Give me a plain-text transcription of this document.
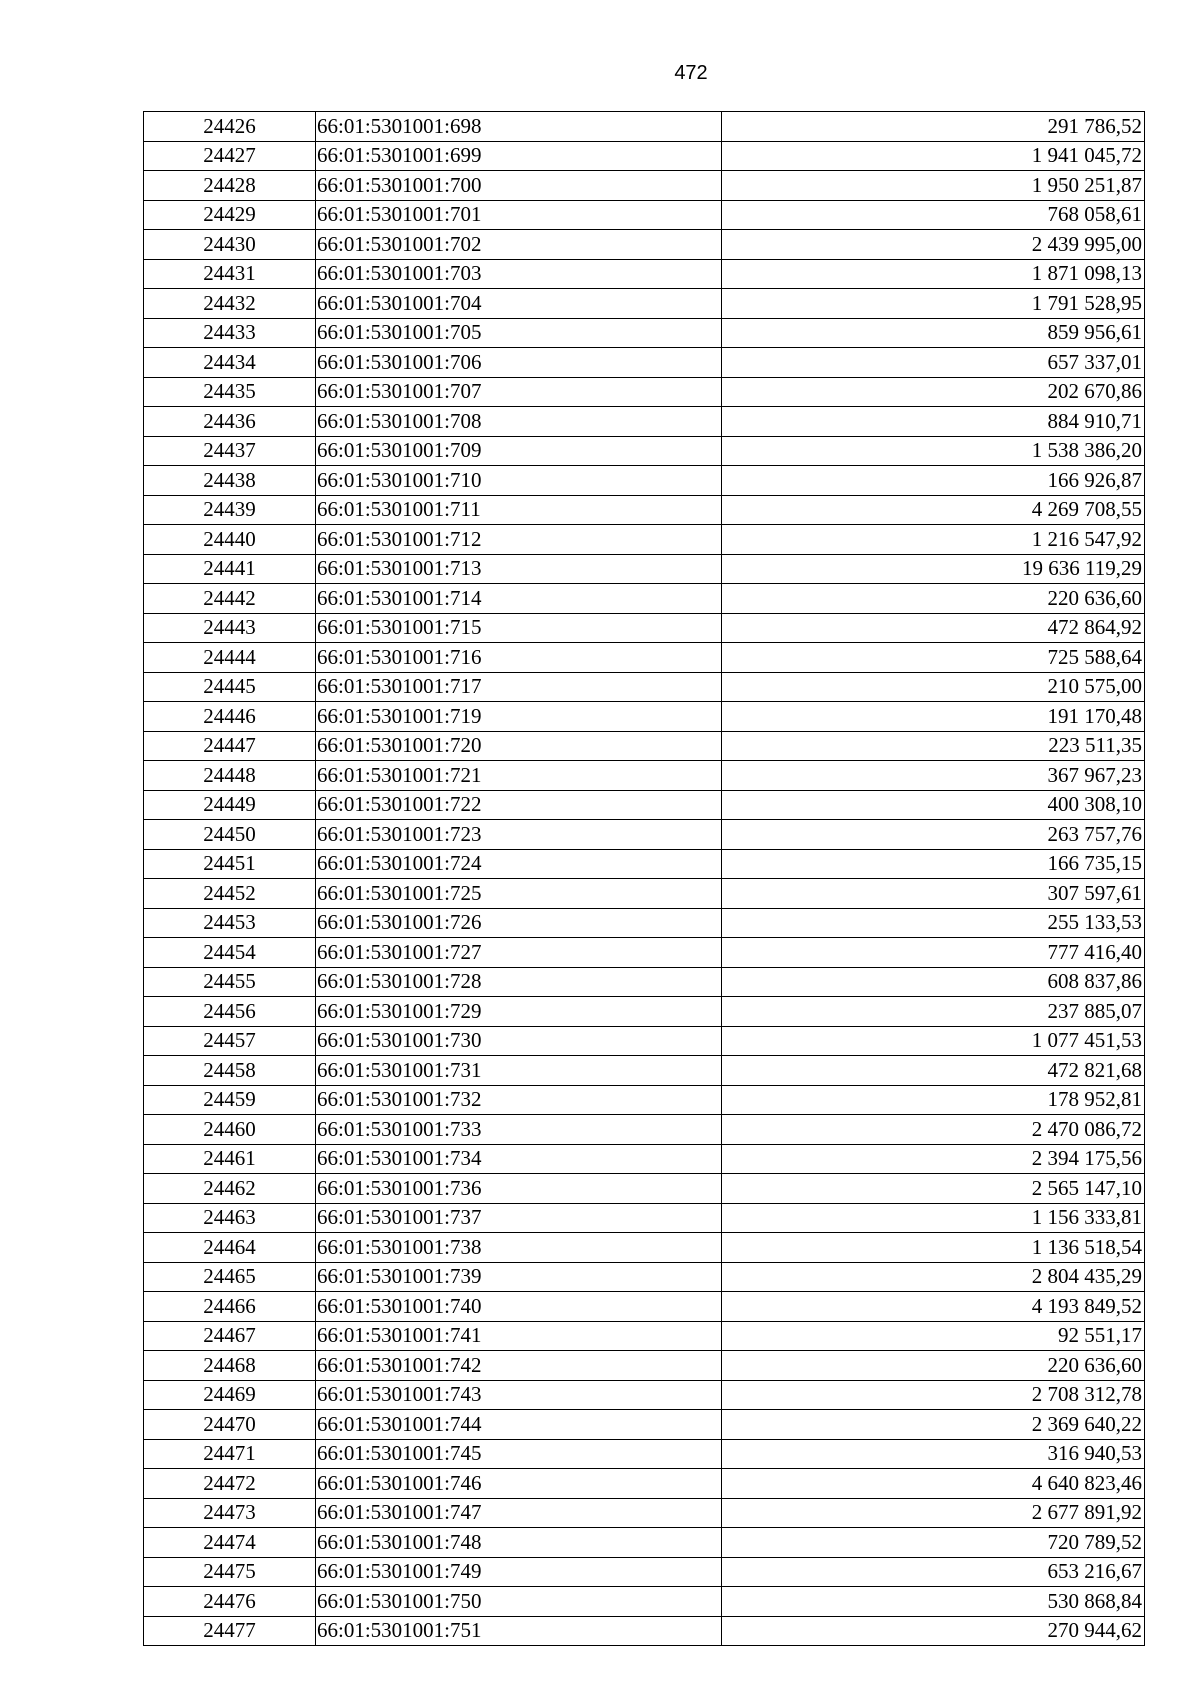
472
24426	66:01:5301001:698	291 786,52
24427	66:01:5301001:699	1 941 045,72
24428	66:01:5301001:700	1 950 251,87
24429	66:01:5301001:701	768 058,61
24430	66:01:5301001:702	2 439 995,00
24431	66:01:5301001:703	1 871 098,13
24432	66:01:5301001:704	1 791 528,95
24433	66:01:5301001:705	859 956,61
24434	66:01:5301001:706	657 337,01
24435	66:01:5301001:707	202 670,86
24436	66:01:5301001:708	884 910,71
24437	66:01:5301001:709	1 538 386,20
24438	66:01:5301001:710	166 926,87
24439	66:01:5301001:711	4 269 708,55
24440	66:01:5301001:712	1 216 547,92
24441	66:01:5301001:713	19 636 119,29
24442	66:01:5301001:714	220 636,60
24443	66:01:5301001:715	472 864,92
24444	66:01:5301001:716	725 588,64
24445	66:01:5301001:717	210 575,00
24446	66:01:5301001:719	191 170,48
24447	66:01:5301001:720	223 511,35
24448	66:01:5301001:721	367 967,23
24449	66:01:5301001:722	400 308,10
24450	66:01:5301001:723	263 757,76
24451	66:01:5301001:724	166 735,15
24452	66:01:5301001:725	307 597,61
24453	66:01:5301001:726	255 133,53
24454	66:01:5301001:727	777 416,40
24455	66:01:5301001:728	608 837,86
24456	66:01:5301001:729	237 885,07
24457	66:01:5301001:730	1 077 451,53
24458	66:01:5301001:731	472 821,68
24459	66:01:5301001:732	178 952,81
24460	66:01:5301001:733	2 470 086,72
24461	66:01:5301001:734	2 394 175,56
24462	66:01:5301001:736	2 565 147,10
24463	66:01:5301001:737	1 156 333,81
24464	66:01:5301001:738	1 136 518,54
24465	66:01:5301001:739	2 804 435,29
24466	66:01:5301001:740	4 193 849,52
24467	66:01:5301001:741	92 551,17
24468	66:01:5301001:742	220 636,60
24469	66:01:5301001:743	2 708 312,78
24470	66:01:5301001:744	2 369 640,22
24471	66:01:5301001:745	316 940,53
24472	66:01:5301001:746	4 640 823,46
24473	66:01:5301001:747	2 677 891,92
24474	66:01:5301001:748	720 789,52
24475	66:01:5301001:749	653 216,67
24476	66:01:5301001:750	530 868,84
24477	66:01:5301001:751	270 944,62
